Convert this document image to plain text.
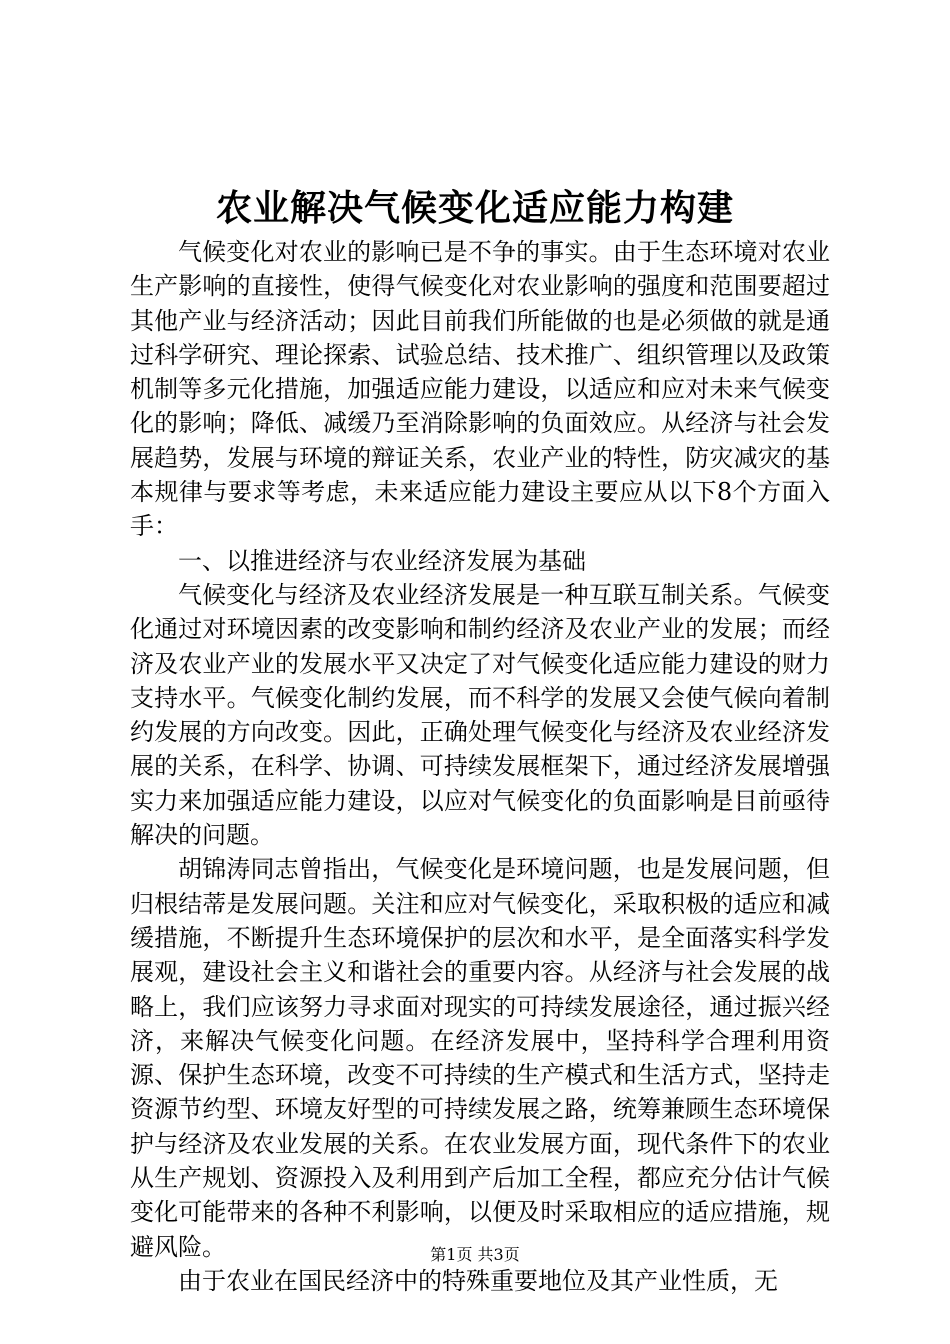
农业解决气候变化适应能力构建

气候变化对农业的影响已是不争的事实。由于生态环境对农业生产影响的直接性，使得气候变化对农业影响的强度和范围要超过其他产业与经济活动；因此目前我们所能做的也是必须做的就是通过科学研究、理论探索、试验总结、技术推广、组织管理以及政策机制等多元化措施，加强适应能力建设，以适应和应对未来气候变化的影响；降低、减缓乃至消除影响的负面效应。从经济与社会发展趋势，发展与环境的辩证关系，农业产业的特性，防灾减灾的基本规律与要求等考虑，未来适应能力建设主要应从以下8个方面入手：

一、以推进经济与农业经济发展为基础

气候变化与经济及农业经济发展是一种互联互制关系。气候变化通过对环境因素的改变影响和制约经济及农业产业的发展；而经济及农业产业的发展水平又决定了对气候变化适应能力建设的财力支持水平。气候变化制约发展，而不科学的发展又会使气候向着制约发展的方向改变。因此，正确处理气候变化与经济及农业经济发展的关系，在科学、协调、可持续发展框架下，通过经济发展增强实力来加强适应能力建设，以应对气候变化的负面影响是目前亟待解决的问题。

胡锦涛同志曾指出，气候变化是环境问题，也是发展问题，但归根结蒂是发展问题。关注和应对气候变化，采取积极的适应和减缓措施，不断提升生态环境保护的层次和水平，是全面落实科学发展观，建设社会主义和谐社会的重要内容。从经济与社会发展的战略上，我们应该努力寻求面对现实的可持续发展途径，通过振兴经济，来解决气候变化问题。在经济发展中，坚持科学合理利用资源、保护生态环境，改变不可持续的生产模式和生活方式，坚持走资源节约型、环境友好型的可持续发展之路，统筹兼顾生态环境保护与经济及农业发展的关系。在农业发展方面，现代条件下的农业从生产规划、资源投入及利用到产后加工全程，都应充分估计气候变化可能带来的各种不利影响，以便及时采取相应的适应措施，规避风险。

由于农业在国民经济中的特殊重要地位及其产业性质，无

第1页 共3页
